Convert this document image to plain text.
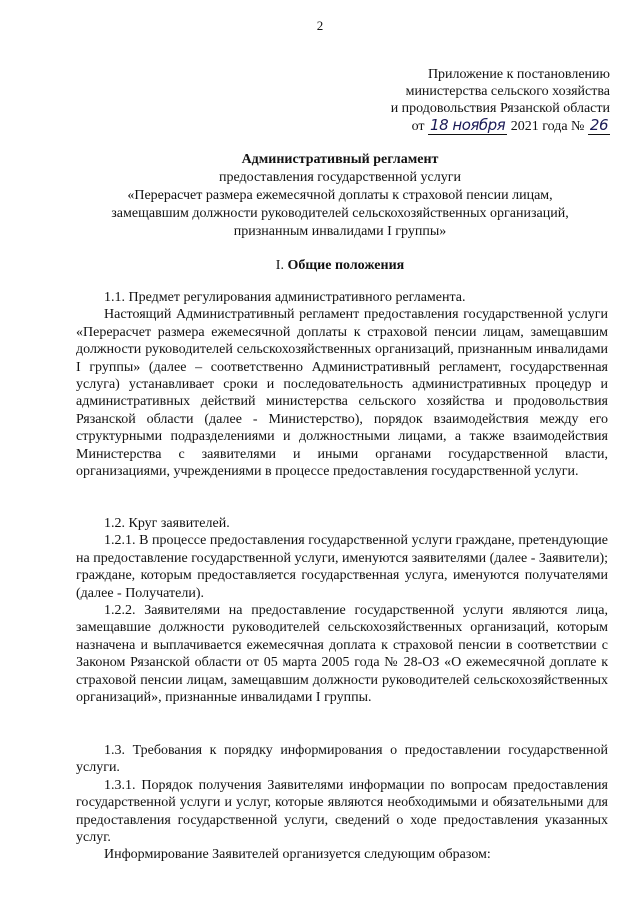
2
Приложение к постановлению
министерства сельского хозяйства
и продовольствия Рязанской области
от 18 ноября 2021 года № 26
Административный регламент
предоставления государственной услуги
«Перерасчет размера ежемесячной доплаты к страховой пенсии лицам,
замещавшим должности руководителей сельскохозяйственных организаций,
признанным инвалидами I группы»
I. Общие положения

1.1. Предмет регулирования административного регламента.

Настоящий Административный регламент предоставления государственной услуги «Перерасчет размера ежемесячной доплаты к страховой пенсии лицам, замещавшим должности руководителей сельскохозяйственных организаций, признанным инвалидами I группы» (далее – соответственно Административный регламент, государственная услуга) устанавливает сроки и последовательность административных процедур и административных действий министерства сельского хозяйства и продовольствия Рязанской области (далее - Министерство), порядок взаимодействия между его структурными подразделениями и должностными лицами, а также взаимодействия Министерства с заявителями и иными органами государственной власти, организациями, учреждениями в процессе предоставления государственной услуги.

1.2. Круг заявителей.

1.2.1. В процессе предоставления государственной услуги граждане, претендующие на предоставление государственной услуги, именуются заявителями (далее - Заявители); граждане, которым предоставляется государственная услуга, именуются получателями (далее - Получатели).

1.2.2. Заявителями на предоставление государственной услуги являются лица, замещавшие должности руководителей сельскохозяйственных организаций, которым назначена и выплачивается ежемесячная доплата к страховой пенсии в соответствии с Законом Рязанской области от 05 марта 2005 года № 28-ОЗ «О ежемесячной доплате к страховой пенсии лицам, замещавшим должности руководителей сельскохозяйственных организаций», признанные инвалидами I группы.

1.3. Требования к порядку информирования о предоставлении государственной услуги.

1.3.1. Порядок получения Заявителями информации по вопросам предоставления государственной услуги и услуг, которые являются необходимыми и обязательными для предоставления государственной услуги, сведений о ходе предоставления указанных услуг.

Информирование Заявителей организуется следующим образом:
